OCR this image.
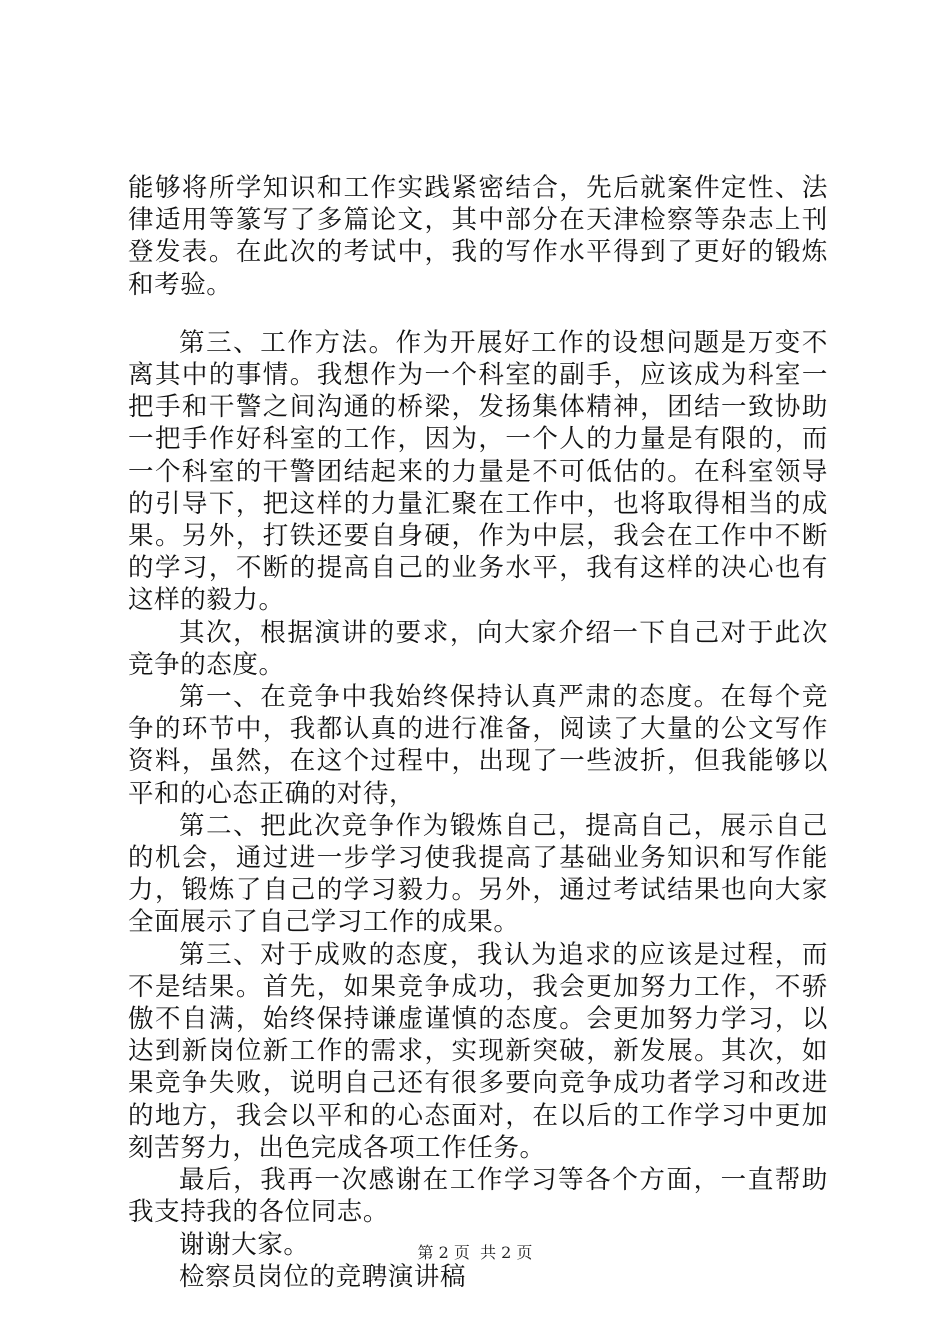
能够将所学知识和工作实践紧密结合，先后就案件定性、法律适用等篆写了多篇论文，其中部分在天津检察等杂志上刊登发表。在此次的考试中，我的写作水平得到了更好的锻炼和考验。

第三、工作方法。作为开展好工作的设想问题是万变不离其中的事情。我想作为一个科室的副手，应该成为科室一把手和干警之间沟通的桥梁，发扬集体精神，团结一致协助一把手作好科室的工作，因为，一个人的力量是有限的，而一个科室的干警团结起来的力量是不可低估的。在科室领导的引导下，把这样的力量汇聚在工作中，也将取得相当的成果。另外，打铁还要自身硬，作为中层，我会在工作中不断的学习，不断的提高自己的业务水平，我有这样的决心也有这样的毅力。

其次，根据演讲的要求，向大家介绍一下自己对于此次竞争的态度。

第一、在竞争中我始终保持认真严肃的态度。在每个竞争的环节中，我都认真的进行准备，阅读了大量的公文写作资料，虽然，在这个过程中，出现了一些波折，但我能够以平和的心态正确的对待，

第二、把此次竞争作为锻炼自己，提高自己，展示自己的机会，通过进一步学习使我提高了基础业务知识和写作能力，锻炼了自己的学习毅力。另外，通过考试结果也向大家全面展示了自己学习工作的成果。

第三、对于成败的态度，我认为追求的应该是过程，而不是结果。首先，如果竞争成功，我会更加努力工作，不骄傲不自满，始终保持谦虚谨慎的态度。会更加努力学习，以达到新岗位新工作的需求，实现新突破，新发展。其次，如果竞争失败，说明自己还有很多要向竞争成功者学习和改进的地方，我会以平和的心态面对，在以后的工作学习中更加刻苦努力，出色完成各项工作任务。

最后，我再一次感谢在工作学习等各个方面，一直帮助我支持我的各位同志。

谢谢大家。

检察员岗位的竞聘演讲稿

第 2 页  共 2 页
